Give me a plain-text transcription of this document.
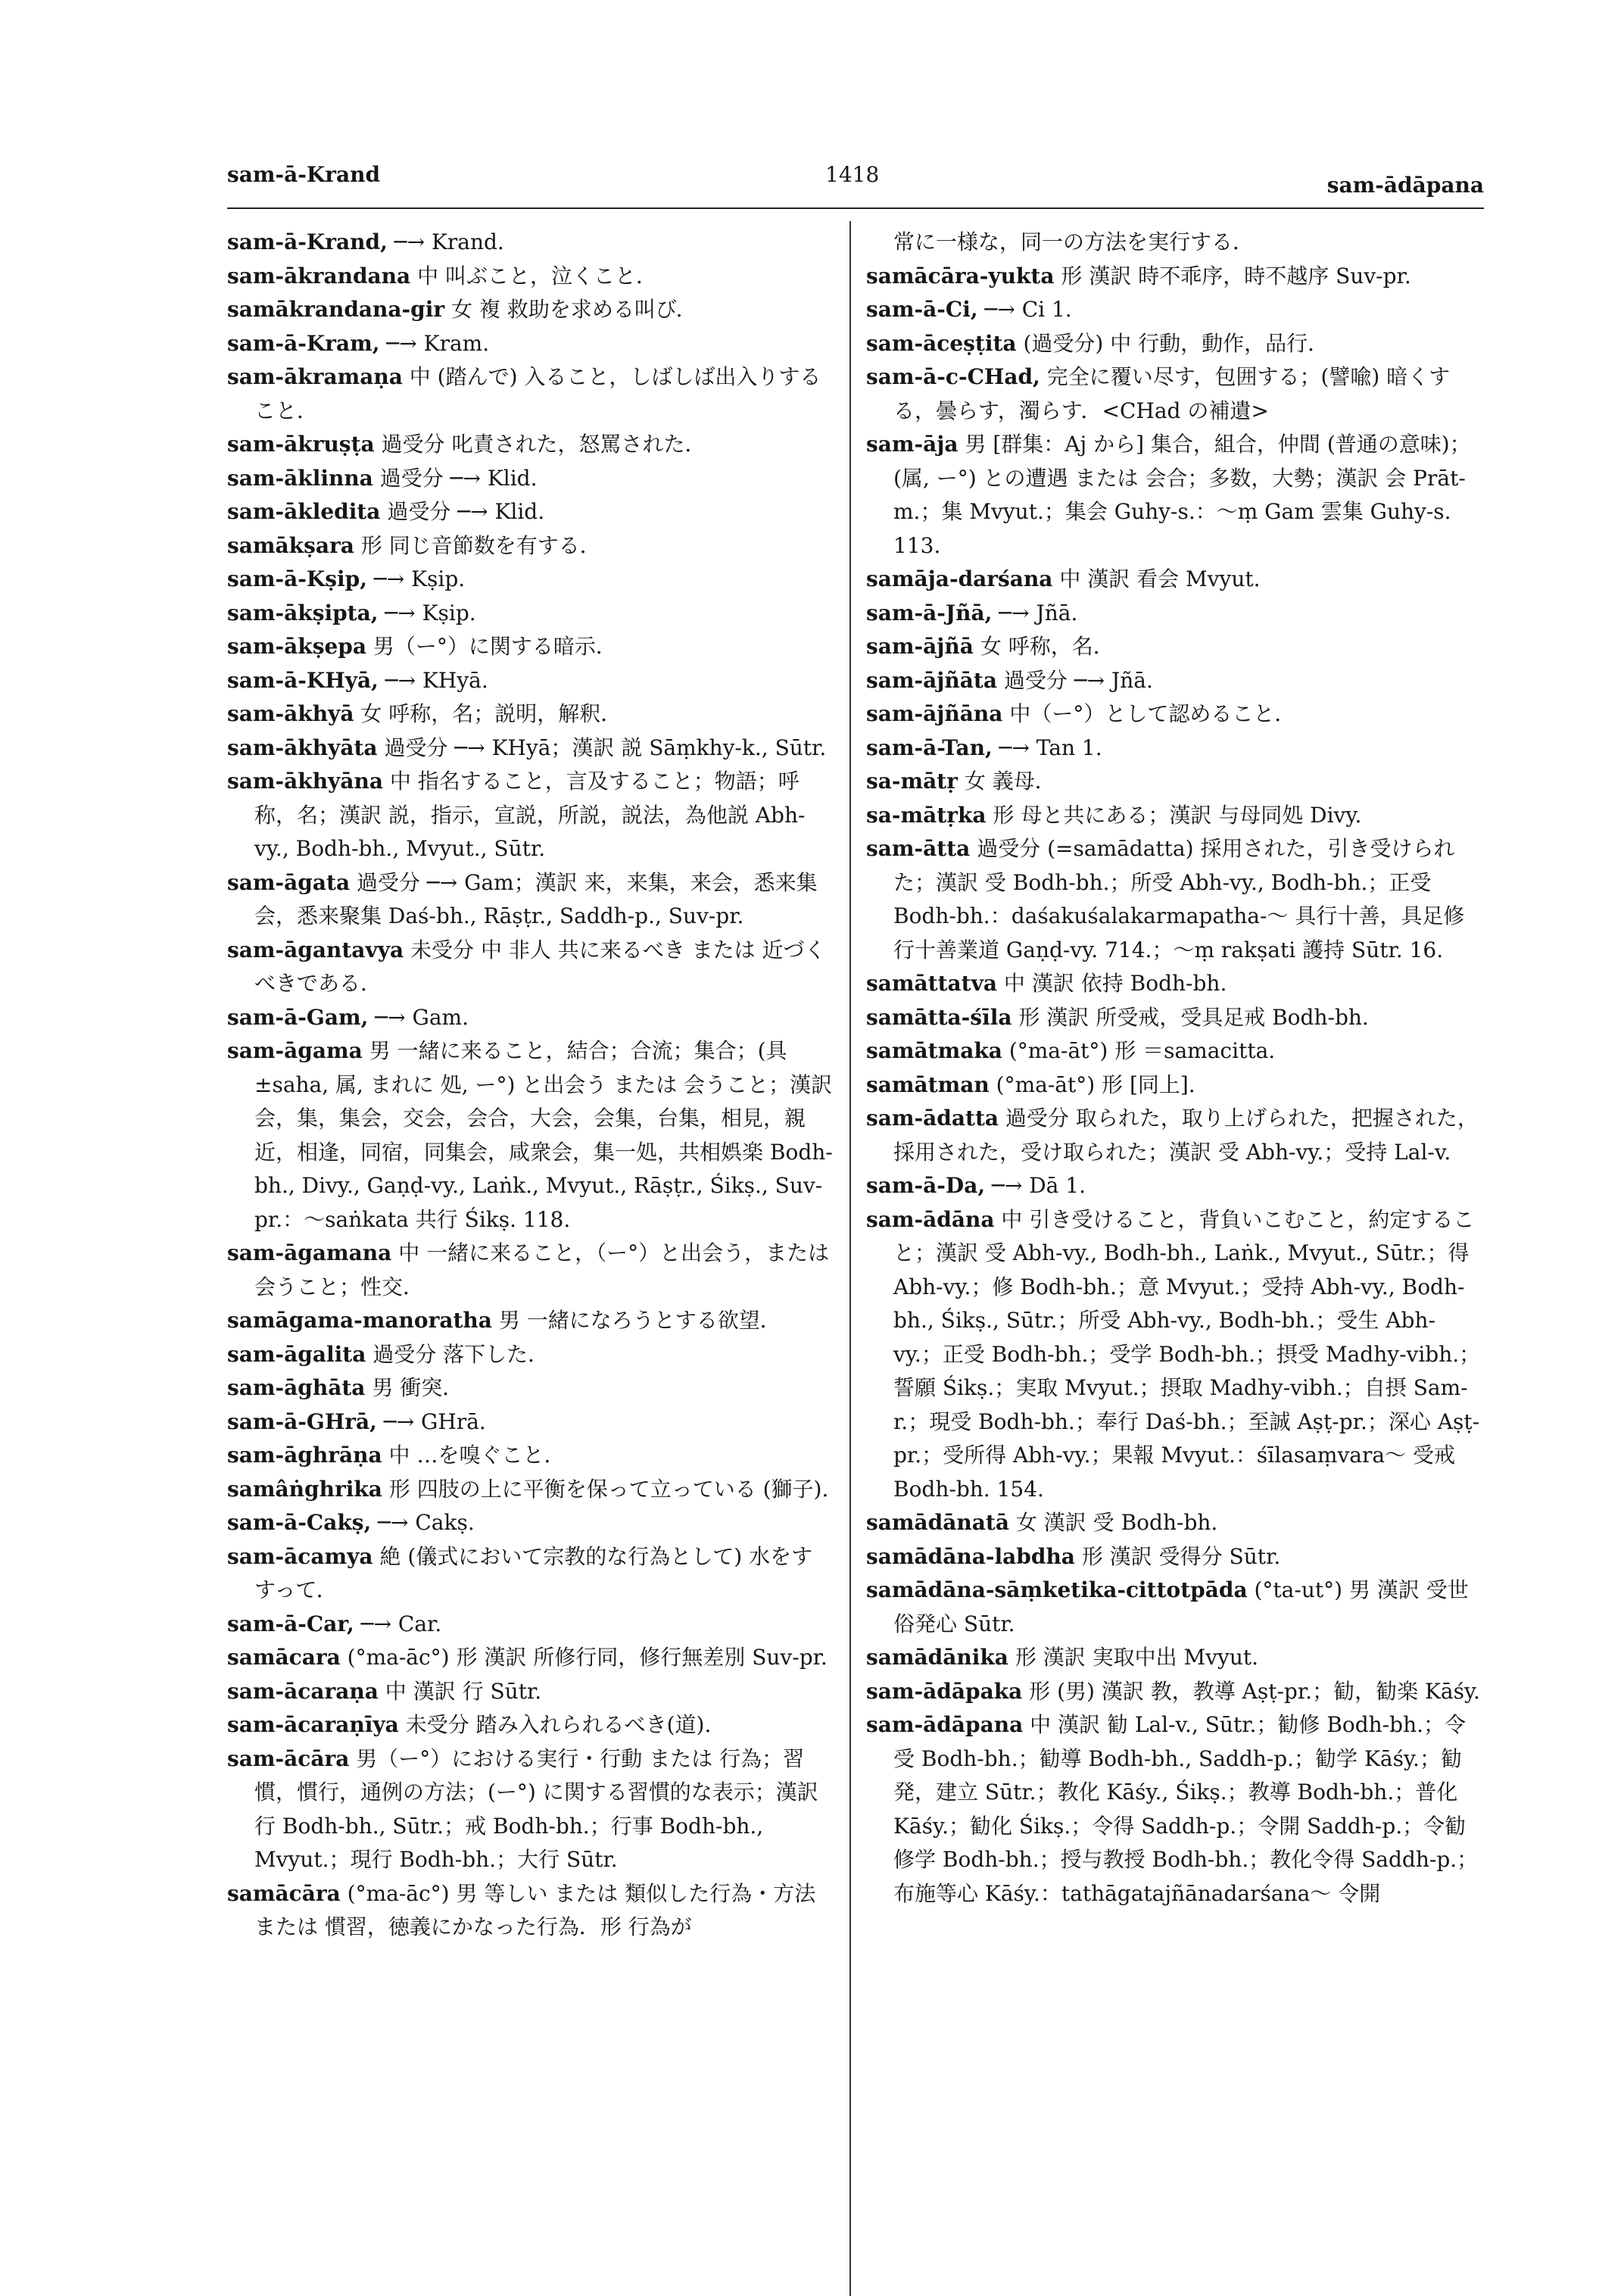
sam-ā-Krand	1418	sam-ādāpana

sam-ā-Krand, ─→ Krand.

sam-ākrandana 中 叫ぶこと，泣くこと．

samākrandana-gir 女 複 救助を求める叫び．

sam-ā-Kram, ─→ Kram.

sam-ākramaṇa 中 (踏んで) 入ること，しばしば出入りすること．

sam-ākruṣṭa 過受分 叱責された，怒罵された．

sam-āklinna 過受分 ─→ Klid.

sam-ākledita 過受分 ─→ Klid.

samākṣara 形 同じ音節数を有する．

sam-ā-Kṣip, ─→ Kṣip.

sam-ākṣipta, ─→ Kṣip.

sam-ākṣepa 男（ー°）に関する暗示．

sam-ā-KHyā, ─→ KHyā.

sam-ākhyā 女 呼称，名；説明，解釈．

sam-ākhyāta 過受分 ─→ KHyā；漢訳 説 Sāṃkhy-k., Sūtr.

sam-ākhyāna 中 指名すること，言及すること；物語；呼称，名；漢訳 説，指示，宣説，所説，説法，為他説 Abh-vy., Bodh-bh., Mvyut., Sūtr.

sam-āgata 過受分 ─→ Gam；漢訳 来，来集，来会，悉来集会，悉来聚集 Daś-bh., Rāṣṭr., Saddh-p., Suv-pr.

sam-āgantavya 未受分 中 非人 共に来るべき または 近づくべきである．

sam-ā-Gam, ─→ Gam.

sam-āgama 男 一緒に来ること，結合；合流；集合；(具 ±saha, 属, まれに 処, ー°) と出会う または 会うこと；漢訳 会，集，集会，交会，会合，大会，会集，台集，相見，親近，相逢，同宿，同集会，咸衆会，集一処，共相娯楽 Bodh-bh., Divy., Gaṇḍ-vy., Laṅk., Mvyut., Rāṣṭr., Śikṣ., Suv-pr.：～saṅkata 共行 Śikṣ. 118.

sam-āgamana 中 一緒に来ること，（ー°）と出会う，または 会うこと；性交．

samāgama-manoratha 男 一緒になろうとする欲望．

sam-āgalita 過受分 落下した．

sam-āghāta 男 衝突．

sam-ā-GHrā, ─→ GHrā.

sam-āghrāṇa 中 …を嗅ぐこと．

samâṅghrika 形 四肢の上に平衡を保って立っている (獅子).

sam-ā-Cakṣ, ─→ Cakṣ.

sam-ācamya 絶 (儀式において宗教的な行為として) 水をすすって．

sam-ā-Car, ─→ Car.

samācara (°ma-āc°) 形 漢訳 所修行同，修行無差別 Suv-pr.

sam-ācaraṇa 中 漢訳 行 Sūtr.

sam-ācaraṇīya 未受分 踏み入れられるべき(道).

sam-ācāra 男（ー°）における実行・行動 または 行為；習慣，慣行，通例の方法；(ー°) に関する習慣的な表示；漢訳 行 Bodh-bh., Sūtr.；戒 Bodh-bh.；行事 Bodh-bh., Mvyut.；現行 Bodh-bh.；大行 Sūtr.

samācāra (°ma-āc°) 男 等しい または 類似した行為・方法 または 慣習，徳義にかなった行為．形 行為が

常に一様な，同一の方法を実行する．

samācāra-yukta 形 漢訳 時不乖序，時不越序 Suv-pr.

sam-ā-Ci, ─→ Ci 1.

sam-āceṣṭita (過受分) 中 行動，動作，品行．

sam-ā-c-CHad, 完全に覆い尽す，包囲する；(譬喩) 暗くする，曇らす，濁らす．<CHad の補遺>

sam-āja 男 [群集：Aj から] 集合，組合，仲間 (普通の意味)；(属, ー°) との遭遇 または 会合；多数，大勢；漢訳 会 Prāt-m.；集 Mvyut.；集会 Guhy-s.：～ṃ Gam 雲集 Guhy-s. 113.

samāja-darśana 中 漢訳 看会 Mvyut.

sam-ā-Jñā, ─→ Jñā.

sam-ājñā 女 呼称，名．

sam-ājñāta 過受分 ─→ Jñā.

sam-ājñāna 中（ー°）として認めること．

sam-ā-Tan, ─→ Tan 1.

sa-mātṛ 女 義母．

sa-mātṛka 形 母と共にある；漢訳 与母同処 Divy.

sam-ātta 過受分 (=samādatta) 採用された，引き受けられた；漢訳 受 Bodh-bh.；所受 Abh-vy., Bodh-bh.；正受 Bodh-bh.：daśakuśalakarmapatha-～ 具行十善，具足修行十善業道 Gaṇḍ-vy. 714.；～ṃ rakṣati 護持 Sūtr. 16.

samāttatva 中 漢訳 依持 Bodh-bh.

samātta-śīla 形 漢訳 所受戒，受具足戒 Bodh-bh.

samātmaka (°ma-āt°) 形 ＝samacitta.

samātman (°ma-āt°) 形 [同上].

sam-ādatta 過受分 取られた，取り上げられた，把握された，採用された，受け取られた；漢訳 受 Abh-vy.；受持 Lal-v.

sam-ā-Da, ─→ Dā 1.

sam-ādāna 中 引き受けること，背負いこむこと，約定すること；漢訳 受 Abh-vy., Bodh-bh., Laṅk., Mvyut., Sūtr.；得 Abh-vy.；修 Bodh-bh.；意 Mvyut.；受持 Abh-vy., Bodh-bh., Śikṣ., Sūtr.；所受 Abh-vy., Bodh-bh.；受生 Abh-vy.；正受 Bodh-bh.；受学 Bodh-bh.；摂受 Madhy-vibh.；誓願 Śikṣ.；実取 Mvyut.；摂取 Madhy-vibh.；自摂 Sam-r.；現受 Bodh-bh.；奉行 Daś-bh.；至誠 Aṣṭ-pr.；深心 Aṣṭ-pr.；受所得 Abh-vy.；果報 Mvyut.：śīlasaṃvara～ 受戒 Bodh-bh. 154.

samādānatā 女 漢訳 受 Bodh-bh.

samādāna-labdha 形 漢訳 受得分 Sūtr.

samādāna-sāṃketika-cittotpāda (°ta-ut°) 男 漢訳 受世俗発心 Sūtr.

samādānika 形 漢訳 実取中出 Mvyut.

sam-ādāpaka 形 (男) 漢訳 教，教導 Aṣṭ-pr.；勧，勧楽 Kāśy.

sam-ādāpana 中 漢訳 勧 Lal-v., Sūtr.；勧修 Bodh-bh.；令受 Bodh-bh.；勧導 Bodh-bh., Saddh-p.；勧学 Kāśy.；勧発，建立 Sūtr.；教化 Kāśy., Śikṣ.；教導 Bodh-bh.；普化 Kāśy.；勧化 Śikṣ.；令得 Saddh-p.；令開 Saddh-p.；令勧修学 Bodh-bh.；授与教授 Bodh-bh.；教化令得 Saddh-p.；布施等心 Kāśy.：tathāgatajñānadarśana～ 令開
